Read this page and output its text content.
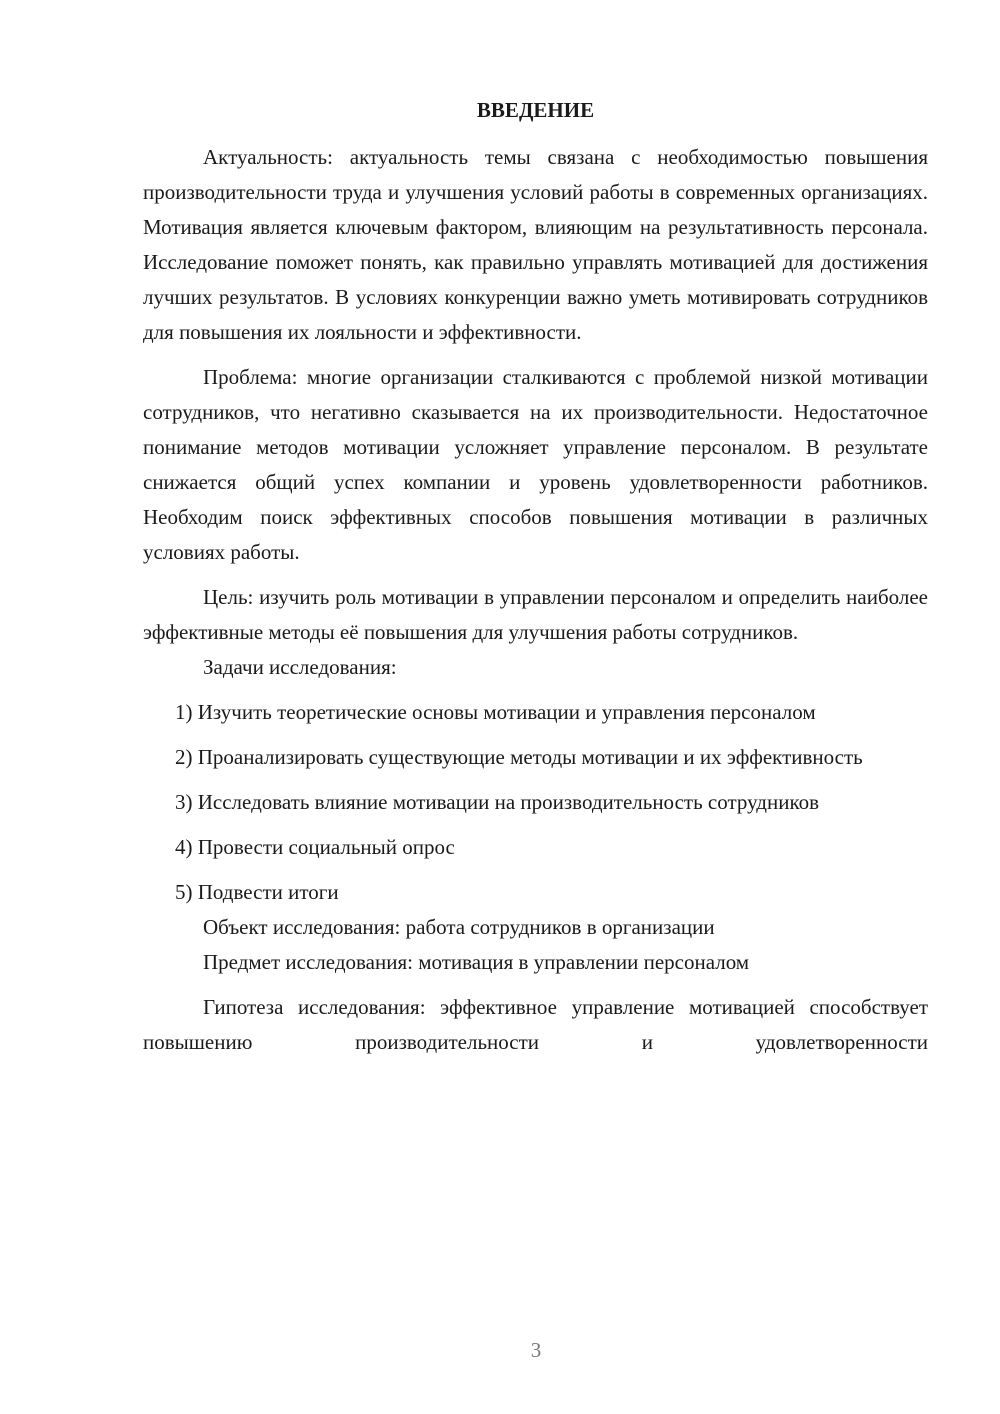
ВВЕДЕНИЕ

Актуальность: актуальность темы связана с необходимостью повышения производительности труда и улучшения условий работы в современных организациях. Мотивация является ключевым фактором, влияющим на результативность персонала. Исследование поможет понять, как правильно управлять мотивацией для достижения лучших результатов. В условиях конкуренции важно уметь мотивировать сотрудников для повышения их лояльности и эффективности.

Проблема: многие организации сталкиваются с проблемой низкой мотивации сотрудников, что негативно сказывается на их производительности. Недостаточное понимание методов мотивации усложняет управление персоналом. В результате снижается общий успех компании и уровень удовлетворенности работников. Необходим поиск эффективных способов повышения мотивации в различных условиях работы.

Цель: изучить роль мотивации в управлении персоналом и определить наиболее эффективные методы её повышения для улучшения работы сотрудников.

Задачи исследования:

1) Изучить теоретические основы мотивации и управления персоналом

2) Проанализировать существующие методы мотивации и их эффективность

3) Исследовать влияние мотивации на производительность сотрудников

4) Провести социальный опрос

5) Подвести итоги

Объект исследования: работа сотрудников в организации

Предмет исследования: мотивация в управлении персоналом

Гипотеза исследования: эффективное управление мотивацией способствует повышению производительности и удовлетворенности

3
